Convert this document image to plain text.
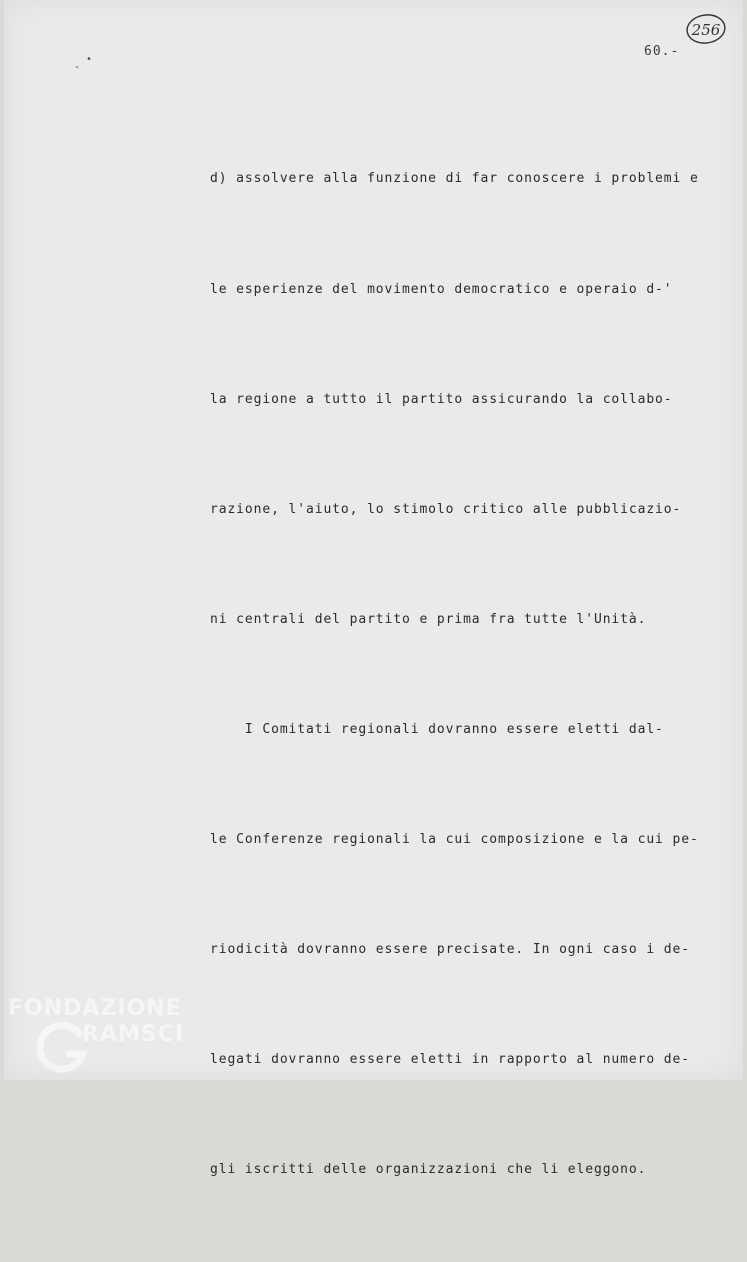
256
60.-
•
ˇ

d) assolvere alla funzione di far conoscere i problemi e

le esperienze del movimento democratico e operaio d-'

la regione a tutto il partito assicurando la collabo-

razione, l'aiuto, lo stimolo critico alle pubblicazio-

ni centrali del partito e prima fra tutte l'Unità.

I Comitati regionali dovranno essere eletti dal-

le Conferenze regionali la cui composizione e la cui pe-

riodicità dovranno essere precisate. In ogni caso i de-

legati dovranno essere eletti in rapporto al numero de-

gli iscritti delle organizzazioni che li eleggono.

FONDAZIONE
RAMSCI
